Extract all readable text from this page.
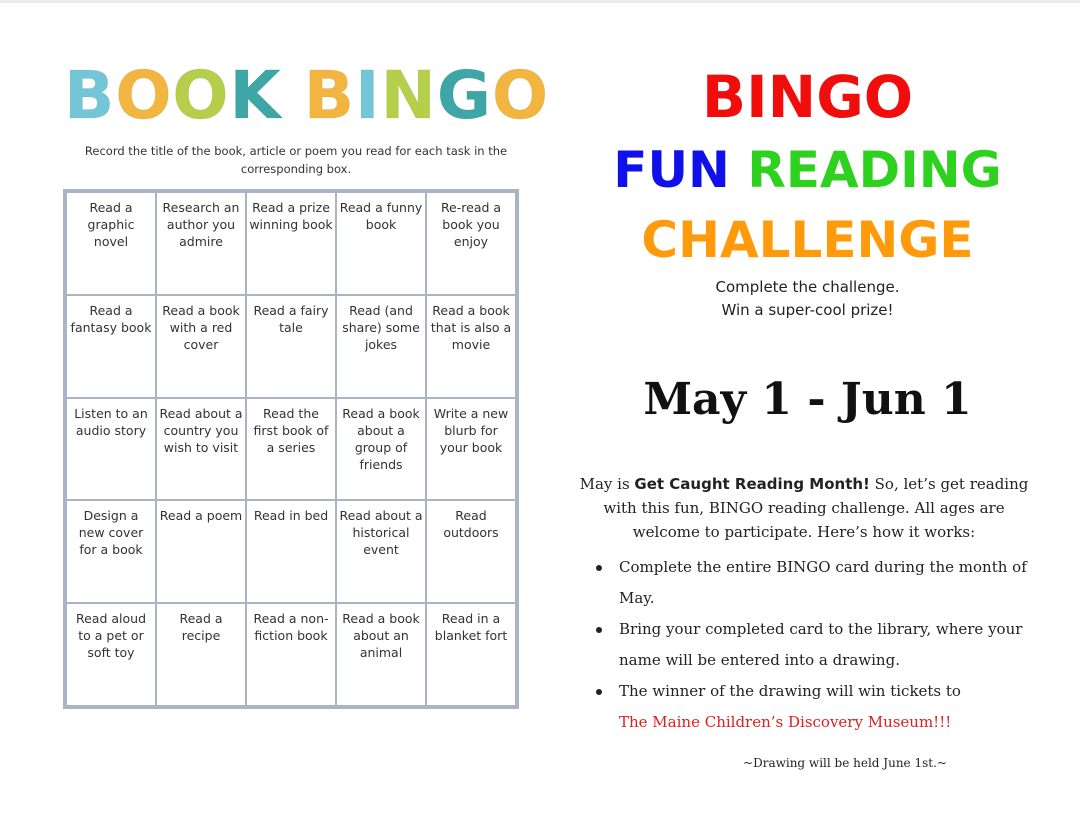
BOOK BINGO
Record the title of the book, article or poem you read for each task in the corresponding box.
Read a graphic novel
Research an author you admire
Read a prize winning book
Read a funny book
Re-read a book you enjoy
Read a fantasy book
Read a book with a red cover
Read a fairy tale
Read (and share) some jokes
Read a book that is also a movie
Listen to an audio story
Read about a country you wish to visit
Read the first book of a series
Read a book about a group of friends
Write a new blurb for your book
Design a new cover for a book
Read a poem Read in bed Read about a historical event
Read outdoors
Read aloud to a pet or soft toy
Read a recipe
Read a non-fiction book
Read a book about an animal
Read in a blanket fort
BINGO
FUN READING
CHALLENGE
Complete the challenge.
Win a super-cool prize!
May 1 - Jun 1
May is Get Caught Reading Month! So, let’s get reading with this fun, BINGO reading challenge. All ages are welcome to participate. Here’s how it works:
Complete the entire BINGO card during the month of May.
Bring your completed card to the library, where your name will be entered into a drawing.
The winner of the drawing will win tickets to
The Maine Children’s Discovery Museum!!!
~Drawing will be held June 1st.~
